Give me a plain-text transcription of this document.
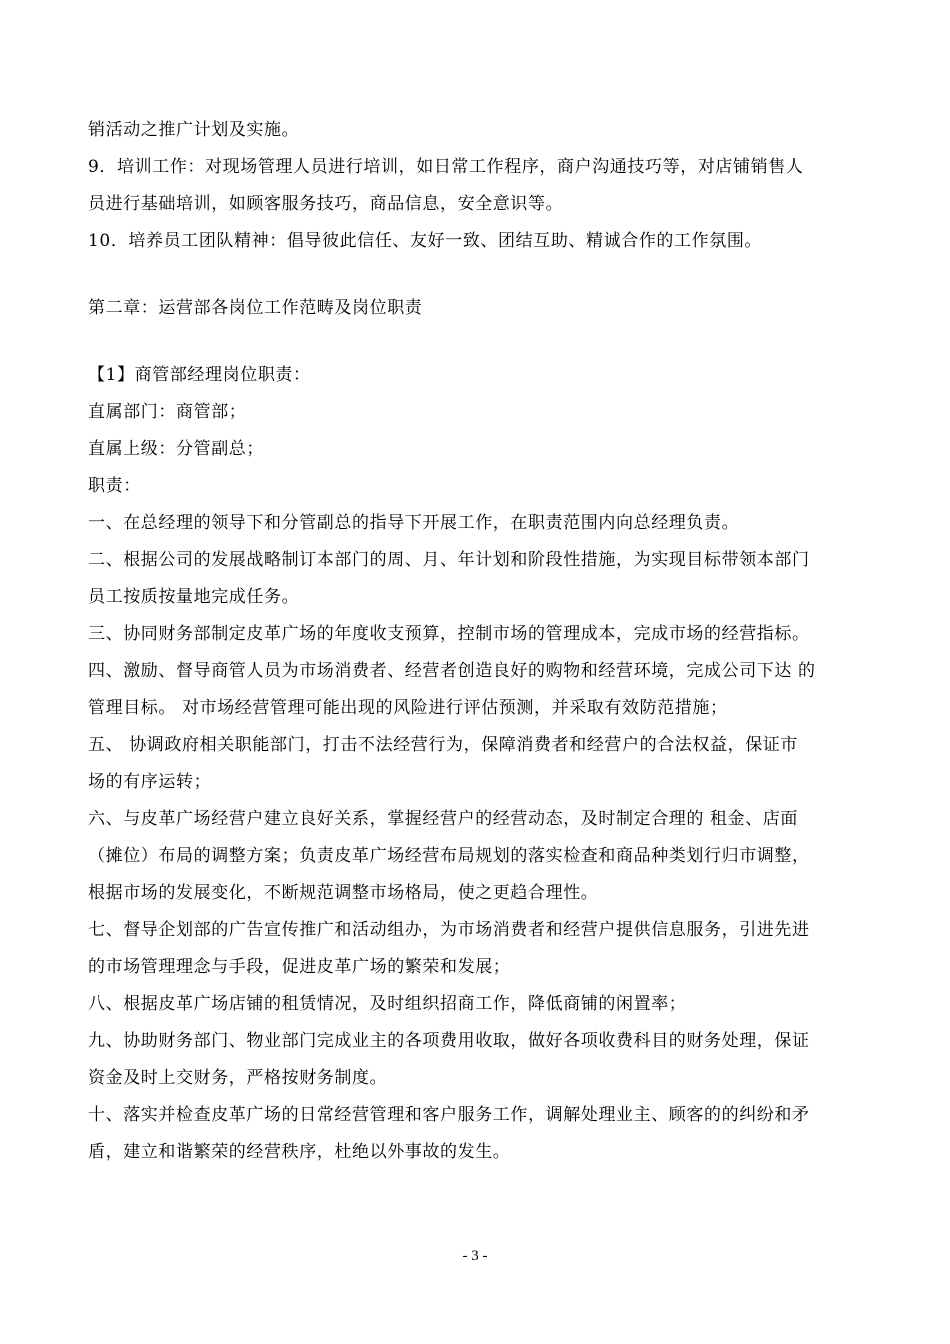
销活动之推广计划及实施。
9．培训工作：对现场管理人员进行培训，如日常工作程序，商户沟通技巧等，对店铺销售人
员进行基础培训，如顾客服务技巧，商品信息，安全意识等。
10．培养员工团队精神：倡导彼此信任、友好一致、团结互助、精诚合作的工作氛围。
第二章：运营部各岗位工作范畴及岗位职责
【1】商管部经理岗位职责：
直属部门：商管部；
直属上级：分管副总；
职责：
一、在总经理的领导下和分管副总的指导下开展工作，在职责范围内向总经理负责。
二、根据公司的发展战略制订本部门的周、月、年计划和阶段性措施，为实现目标带领本部门
员工按质按量地完成任务。
三、协同财务部制定皮革广场的年度收支预算，控制市场的管理成本，完成市场的经营指标。
四、激励、督导商管人员为市场消费者、经营者创造良好的购物和经营环境，完成公司下达 的
管理目标。 对市场经营管理可能出现的风险进行评估预测，并采取有效防范措施；
五、 协调政府相关职能部门，打击不法经营行为，保障消费者和经营户的合法权益，保证市
场的有序运转；
六、与皮革广场经营户建立良好关系，掌握经营户的经营动态，及时制定合理的 租金、店面
（摊位）布局的调整方案；负责皮革广场经营布局规划的落实检查和商品种类划行归市调整，
根据市场的发展变化，不断规范调整市场格局，使之更趋合理性。
七、督导企划部的广告宣传推广和活动组办，为市场消费者和经营户提供信息服务，引进先进
的市场管理理念与手段，促进皮革广场的繁荣和发展；
八、根据皮革广场店铺的租赁情况，及时组织招商工作，降低商铺的闲置率；
九、协助财务部门、物业部门完成业主的各项费用收取，做好各项收费科目的财务处理，保证
资金及时上交财务，严格按财务制度。
十、落实并检查皮革广场的日常经营管理和客户服务工作，调解处理业主、顾客的的纠纷和矛
盾，建立和谐繁荣的经营秩序，杜绝以外事故的发生。
- 3 -
